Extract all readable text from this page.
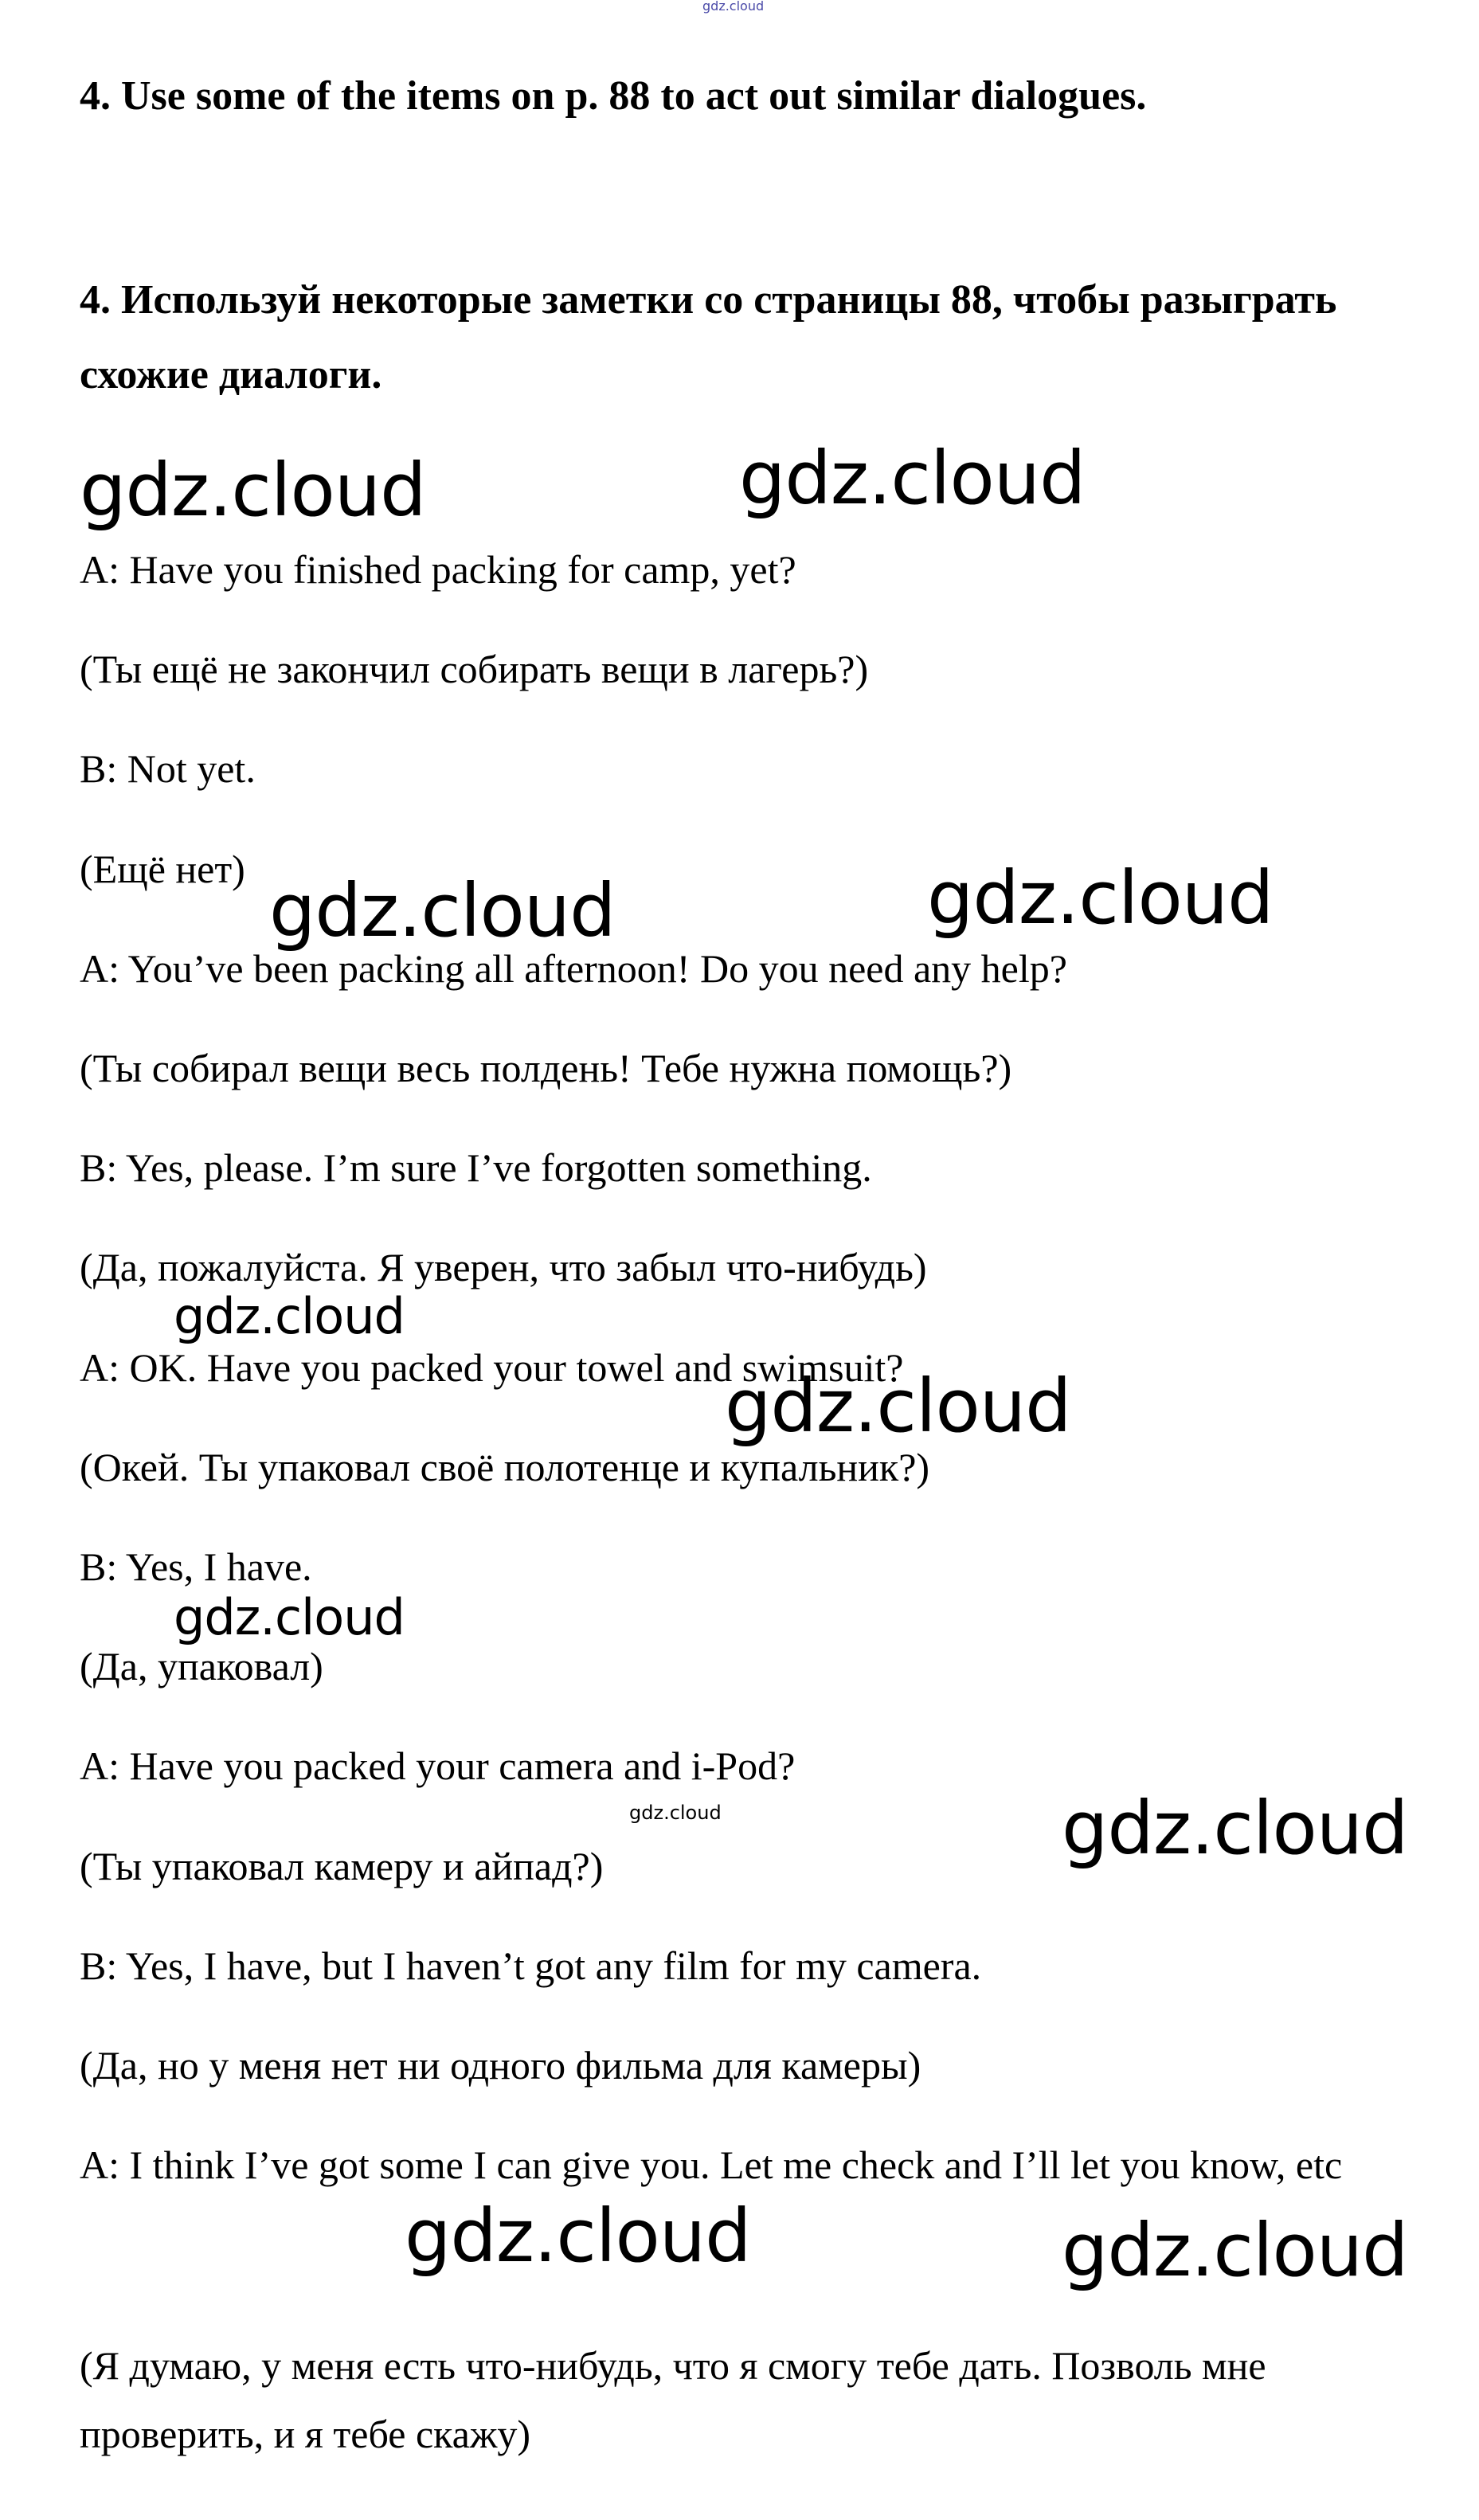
gdz.cloud
4. Use some of the items on p. 88 to act out similar dialogues.
4. Используй некоторые заметки со страницы 88, чтобы разыграть схожие диалоги.

A: Have you finished packing for camp, yet?

(Ты ещё не закончил собирать вещи в лагерь?)

B: Not yet.

(Ещё нет)

A: You’ve been packing all afternoon! Do you need any help?

(Ты собирал вещи весь полдень! Тебе нужна помощь?)

B: Yes, please. I’m sure I’ve forgotten something.

(Да, пожалуйста. Я уверен, что забыл что-нибудь)

A: OK. Have you packed your towel and swimsuit?

(Окей. Ты упаковал своё полотенце и купальник?)

B: Yes, I have.

(Да, упаковал)

A: Have you packed your camera and i-Pod?

(Ты упаковал камеру и айпад?)

B: Yes, I have, but I haven’t got any film for my camera.

(Да, но у меня нет ни одного фильма для камеры)

A: I think I’ve got some I can give you. Let me check and I’ll let you know, etc

(Я думаю, у меня есть что-нибудь, что я смогу тебе дать. Позволь мне проверить, и я тебе скажу)

gdz.cloud	gdz.cloud
gdz.cloud	gdz.cloud
gdz.cloud
gdz.cloud
gdz.cloud
gdz.cloud	gdz.cloud
gdz.cloud	gdz.cloud
